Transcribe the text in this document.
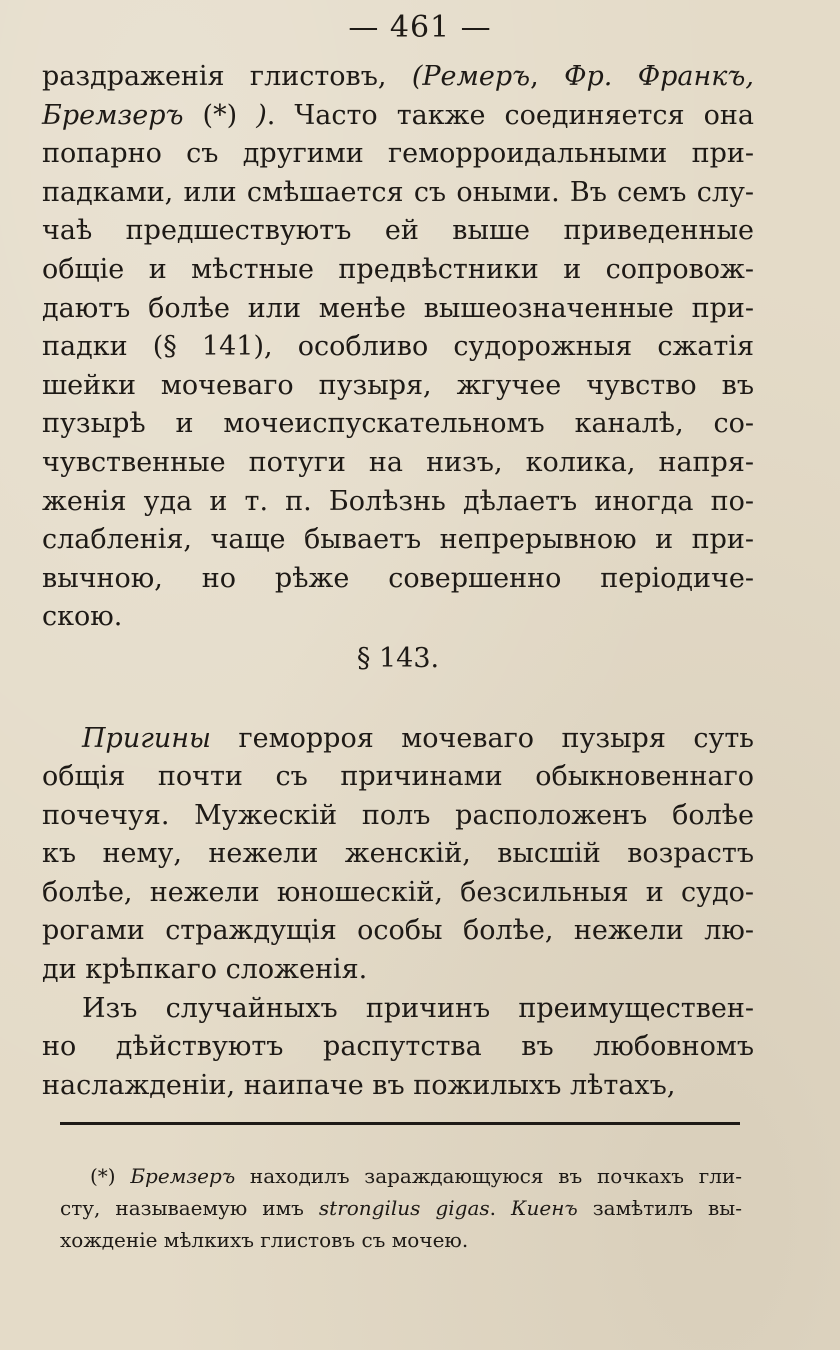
— 461 —
раздраженія глистовъ, (Ремеръ, Фр. Франкъ,
Бремзеръ (*) ). Часто также соединяется она
попарно съ другими геморроидальными при-
падками, или смѣшается съ оными. Въ семъ слу-
чаѣ предшествуютъ ей выше приведенные
общіе и мѣстные предвѣстники и сопровож-
даютъ болѣе или менѣе вышеозначенные при-
падки (§ 141), особливо судорожныя сжатія
шейки мочеваго пузыря, жгучее чувство въ
пузырѣ и мочеиспускательномъ каналѣ, со-
чувственные потуги на низъ, колика, напря-
женія уда и т. п. Болѣзнь дѣлаетъ иногда по-
слабленія, чаще бываетъ непрерывною и при-
вычною, но рѣже совершенно періодиче-
скою.
§ 143.
Пригины геморроя мочеваго пузыря суть
общія почти съ причинами обыкновеннаго
почечуя. Мужескій полъ расположенъ болѣе
къ нему, нежели женскій, высшій возрастъ
болѣе, нежели юношескій, безсильныя и судо-
рогами страждущія особы болѣе, нежели лю-
ди крѣпкаго сложенія.
Изъ случайныхъ причинъ преимуществен-
но дѣйствуютъ распутства въ любовномъ
наслажденіи, наипаче въ пожилыхъ лѣтахъ,
(*) Бремзеръ находилъ зараждающуюся въ почкахъ гли-
сту, называемую имъ strongilus gigas. Киенъ замѣтилъ вы-
хожденіе мѣлкихъ глистовъ съ мочею.
